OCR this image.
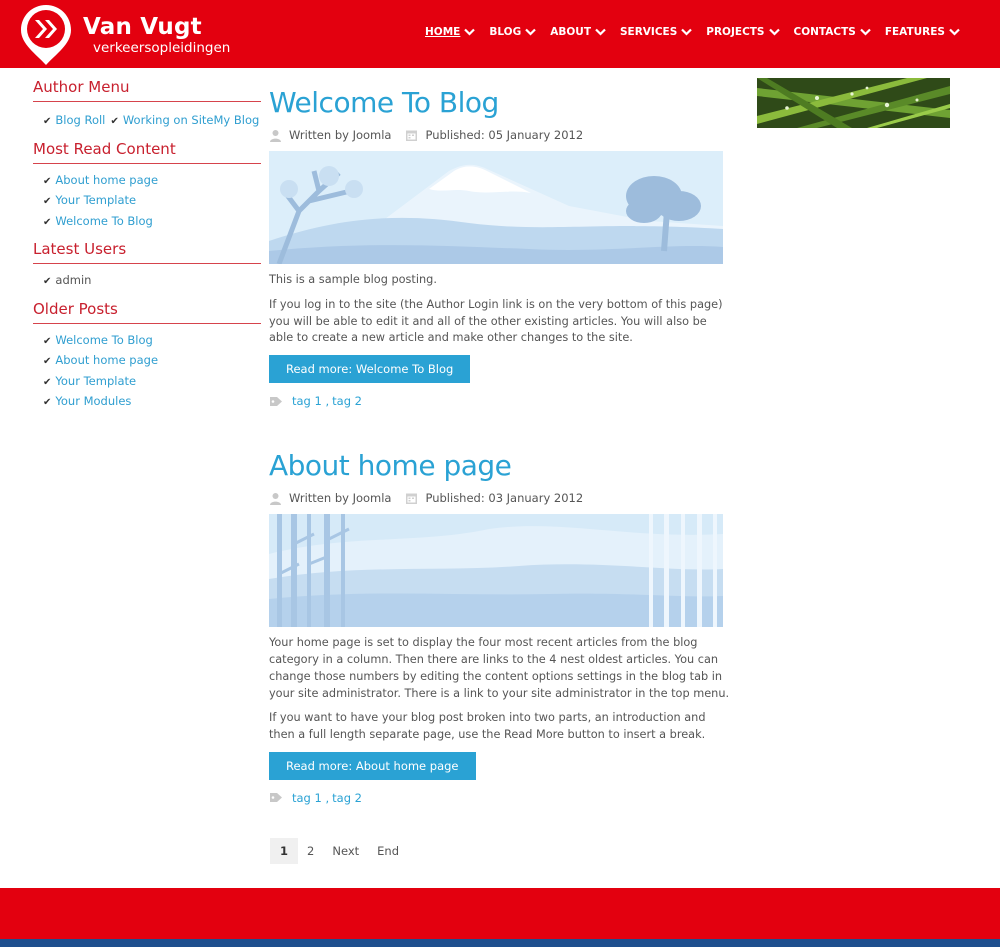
Van Vugt
verkeersopleidingen
HOME	BLOG	ABOUT	SERVICES	PROJECTS	CONTACTS	FEATURES
Author Menu
✔ Blog Roll ✔ Working on SiteMy Blog
Most Read Content
✔ About home page
✔ Your Template
✔ Welcome To Blog
Latest Users
✔ admin
Older Posts
✔ Welcome To Blog
✔ About home page
✔ Your Template
✔ Your Modules
Welcome To Blog
Written by Joomla	Published: 05 January 2012
This is a sample blog posting.
If you log in to the site (the Author Login link is on the very bottom of this page) you will be able to edit it and all of the other existing articles. You will also be able to create a new article and make other changes to the site.
Read more: Welcome To Blog
tag 1 , tag 2
About home page
Written by Joomla	Published: 03 January 2012
Your home page is set to display the four most recent articles from the blog category in a column. Then there are links to the 4 nest oldest articles. You can change those numbers by editing the content options settings in the blog tab in your site administrator. There is a link to your site administrator in the top menu.
If you want to have your blog post broken into two parts, an introduction and then a full length separate page, use the Read More button to insert a break.
Read more: About home page
tag 1 , tag 2
1	2	Next	End
